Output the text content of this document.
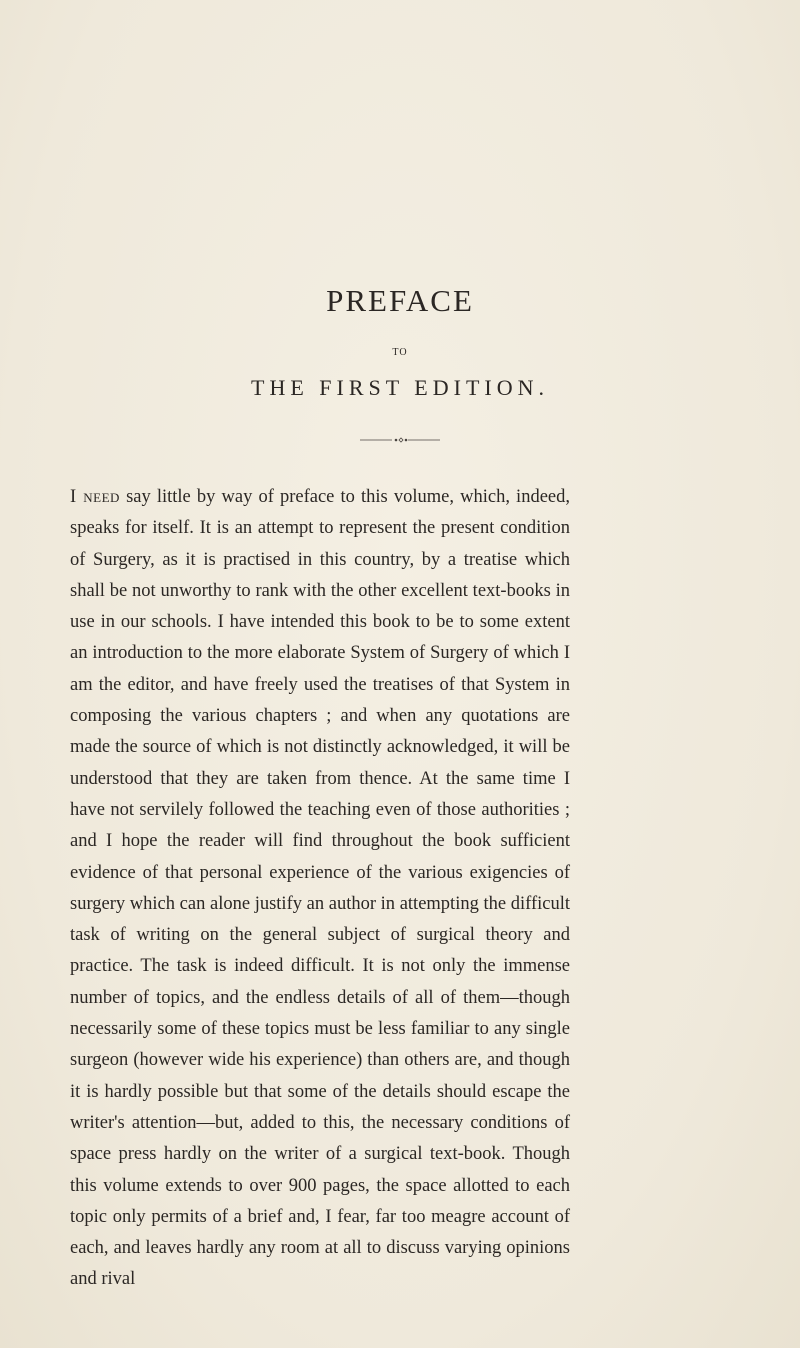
PREFACE
TO
THE FIRST EDITION.

I need say little by way of preface to this volume, which, indeed, speaks for itself. It is an attempt to represent the present condition of Surgery, as it is practised in this country, by a treatise which shall be not unworthy to rank with the other excellent text-books in use in our schools. I have intended this book to be to some extent an introduction to the more elaborate System of Surgery of which I am the editor, and have freely used the treatises of that System in composing the various chapters ; and when any quotations are made the source of which is not distinctly acknowledged, it will be understood that they are taken from thence. At the same time I have not servilely followed the teaching even of those authorities ; and I hope the reader will find throughout the book sufficient evidence of that personal experience of the various exigencies of surgery which can alone justify an author in attempting the difficult task of writing on the general subject of surgical theory and practice. The task is indeed difficult. It is not only the immense number of topics, and the endless details of all of them—though necessarily some of these topics must be less familiar to any single surgeon (however wide his experience) than others are, and though it is hardly possible but that some of the details should escape the writer's attention—but, added to this, the necessary conditions of space press hardly on the writer of a surgical text-book. Though this volume extends to over 900 pages, the space allotted to each topic only permits of a brief and, I fear, far too meagre account of each, and leaves hardly any room at all to discuss varying opinions and rival
